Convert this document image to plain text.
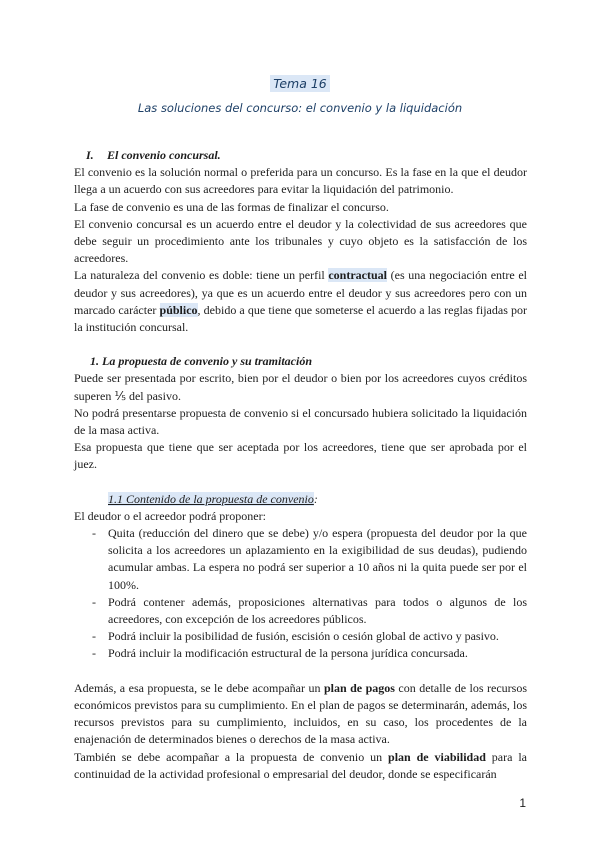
Tema 16
Las soluciones del concurso: el convenio y la liquidación
I. El convenio concursal.

El convenio es la solución normal o preferida para un concurso. Es la fase en la que el deudor llega a un acuerdo con sus acreedores para evitar la liquidación del patrimonio.

La fase de convenio es una de las formas de finalizar el concurso.

El convenio concursal es un acuerdo entre el deudor y la colectividad de sus acreedores que debe seguir un procedimiento ante los tribunales y cuyo objeto es la satisfacción de los acreedores.

La naturaleza del convenio es doble: tiene un perfil contractual (es una negociación entre el deudor y sus acreedores), ya que es un acuerdo entre el deudor y sus acreedores pero con un marcado carácter público, debido a que tiene que someterse el acuerdo a las reglas fijadas por la institución concursal.

1. La propuesta de convenio y su tramitación

Puede ser presentada por escrito, bien por el deudor o bien por los acreedores cuyos créditos superen ⅕ del pasivo.

No podrá presentarse propuesta de convenio si el concursado hubiera solicitado la liquidación de la masa activa.

Esa propuesta que tiene que ser aceptada por los acreedores, tiene que ser aprobada por el juez.

1.1 Contenido de la propuesta de convenio:

El deudor o el acreedor podrá proponer:

- Quita (reducción del dinero que se debe) y/o espera (propuesta del deudor por la que solicita a los acreedores un aplazamiento en la exigibilidad de sus deudas), pudiendo acumular ambas. La espera no podrá ser superior a 10 años ni la quita puede ser por el 100%.
- Podrá contener además, proposiciones alternativas para todos o algunos de los acreedores, con excepción de los acreedores públicos.
- Podrá incluir la posibilidad de fusión, escisión o cesión global de activo y pasivo.
- Podrá incluir la modificación estructural de la persona jurídica concursada.

Además, a esa propuesta, se le debe acompañar un plan de pagos con detalle de los recursos económicos previstos para su cumplimiento. En el plan de pagos se determinarán, además, los recursos previstos para su cumplimiento, incluidos, en su caso, los procedentes de la enajenación de determinados bienes o derechos de la masa activa.

También se debe acompañar a la propuesta de convenio un plan de viabilidad para la continuidad de la actividad profesional o empresarial del deudor, donde se especificarán

1
